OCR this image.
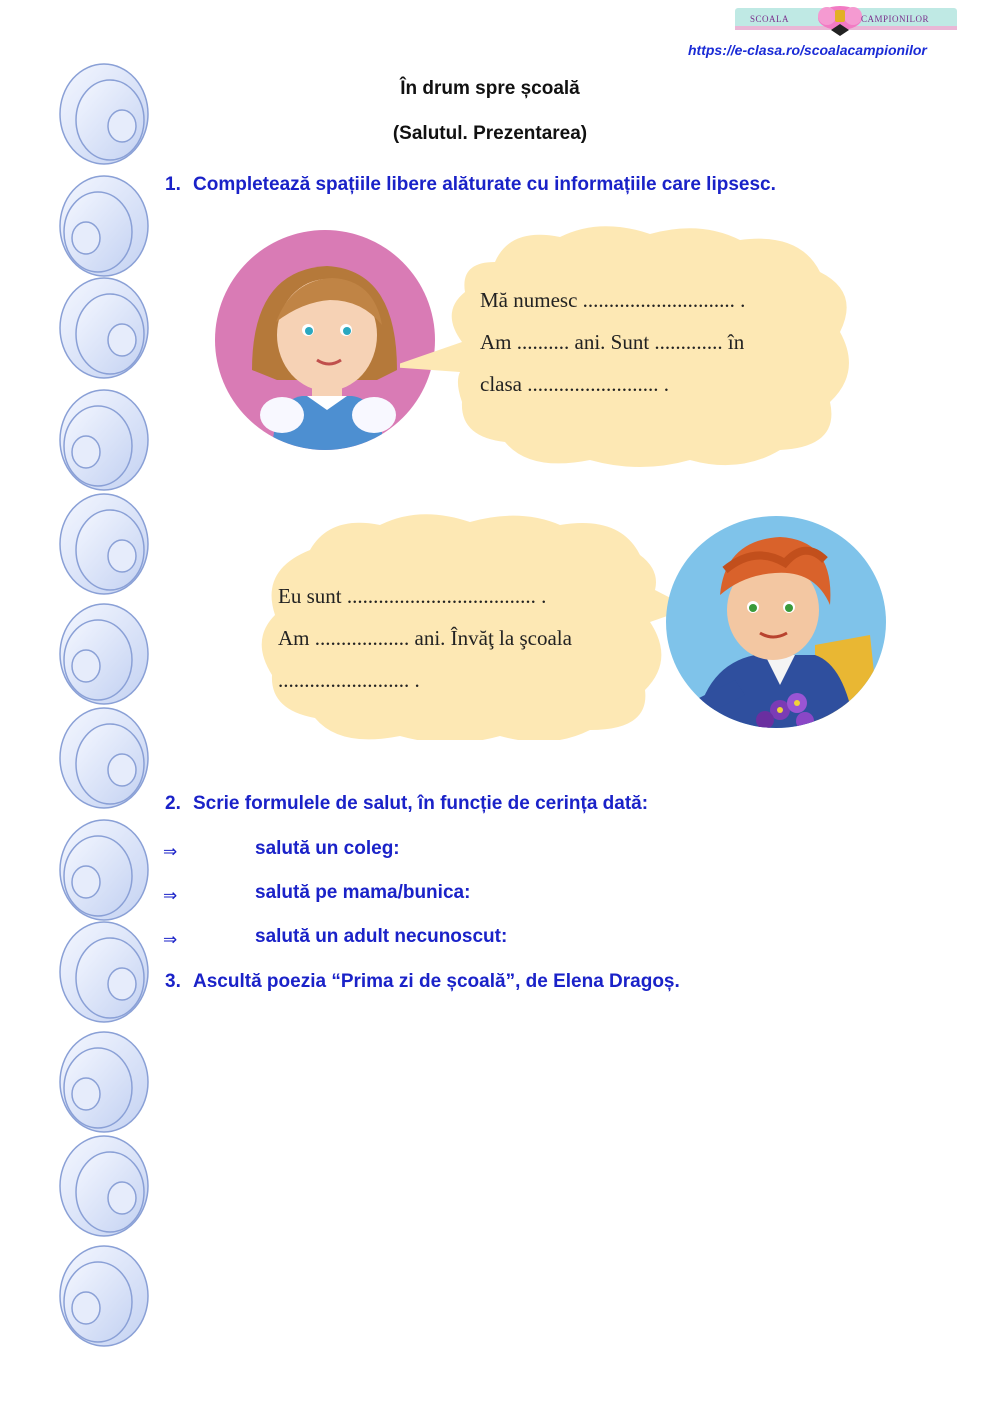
SCOALA	CAMPIONILOR
https://e-clasa.ro/scoalacampionilor
În drum spre școală
(Salutul. Prezentarea)
1. Completează spațiile libere alăturate cu informațiile care lipsesc.
Mă numesc ............................. .
Am .......... ani. Sunt ............. în
clasa ......................... .
Eu sunt .................................... .
Am .................. ani. Învăţ la şcoala
......................... .
2. Scrie formulele de salut, în funcție de cerința dată:
⇒	salută un coleg:
⇒	salută pe mama/bunica:
⇒	salută un adult necunoscut:
3. Ascultă poezia “Prima zi de școală”, de Elena Dragoș.
